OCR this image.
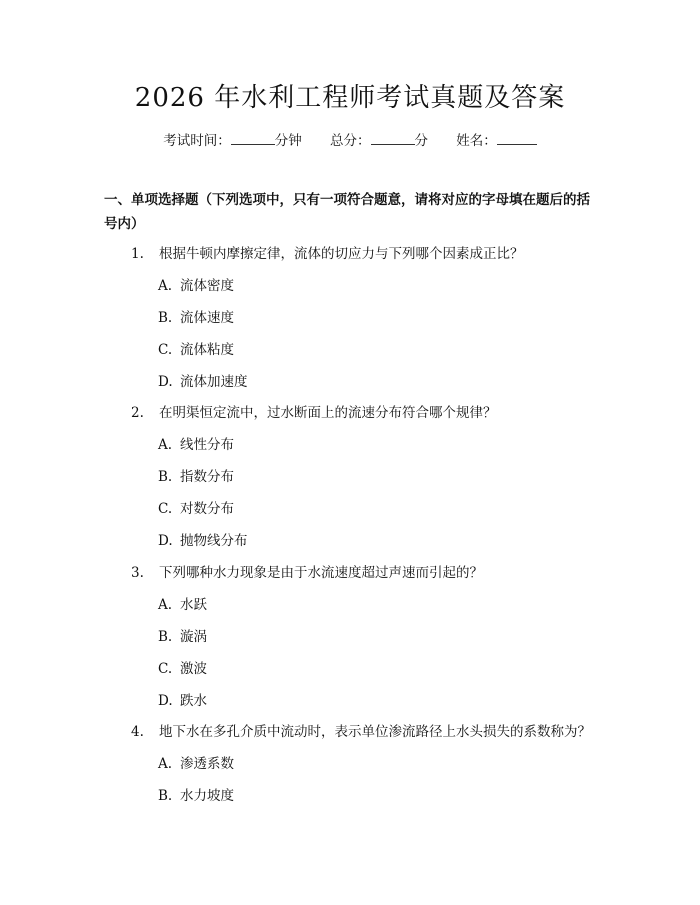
2026 年水利工程师考试真题及答案
考试时间：	分钟 总分：	分 姓名：
一、单项选择题（下列选项中，只有一项符合题意，请将对应的字母填在题后的括号内）
1. 根据牛顿内摩擦定律，流体的切应力与下列哪个因素成正比？
A. 流体密度
B. 流体速度
C. 流体粘度
D. 流体加速度
2. 在明渠恒定流中，过水断面上的流速分布符合哪个规律？
A. 线性分布
B. 指数分布
C. 对数分布
D. 抛物线分布
3. 下列哪种水力现象是由于水流速度超过声速而引起的？
A. 水跃
B. 漩涡
C. 激波
D. 跌水
4. 地下水在多孔介质中流动时，表示单位渗流路径上水头损失的系数称为？
A. 渗透系数
B. 水力坡度
